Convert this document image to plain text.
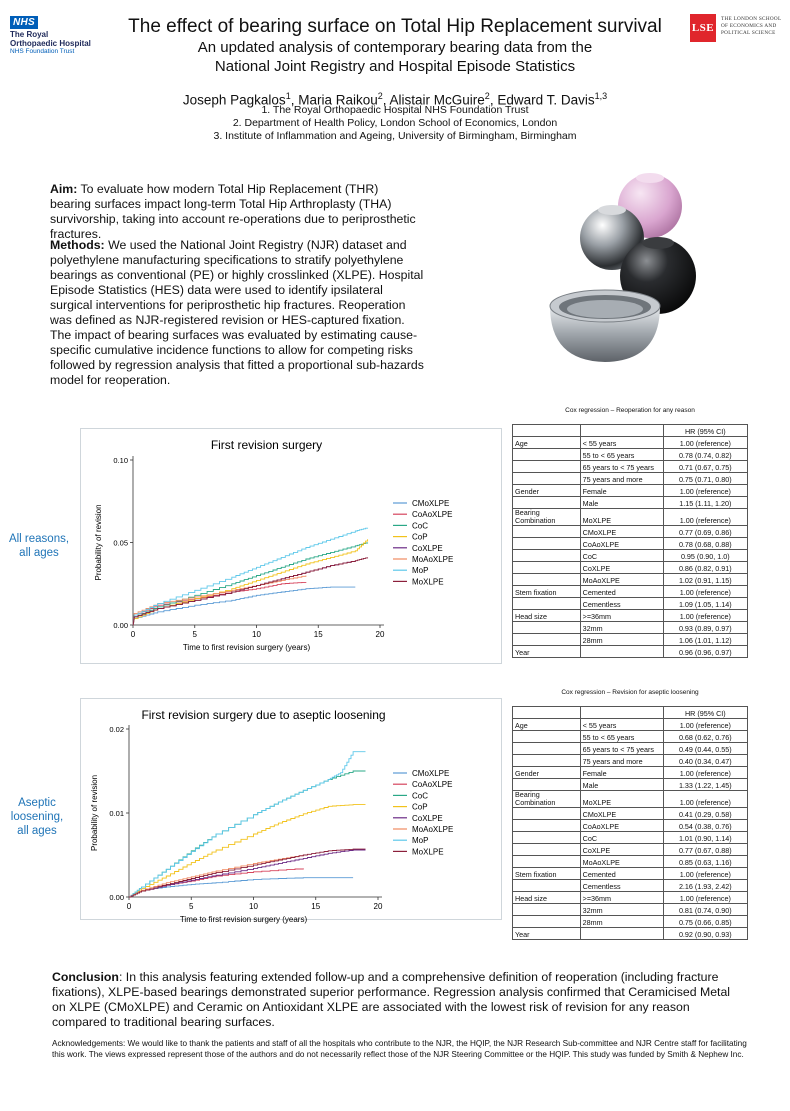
NHS
The Royal
Orthopaedic Hospital
NHS Foundation Trust
LSE
THE LONDON SCHOOL
OF ECONOMICS AND
POLITICAL SCIENCE
The effect of bearing surface on Total Hip Replacement survival
An updated analysis of contemporary bearing data from the
National Joint Registry and Hospital Episode Statistics
Joseph Pagkalos$^1$, Maria Raikou$^2$, Alistair McGuire$^2$, Edward T. Davis$^{1,3}$
1. The Royal Orthopaedic Hospital NHS Foundation Trust
2. Department of Health Policy, London School of Economics, London
3. Institute of Inflammation and Ageing, University of Birmingham, Birmingham
Aim: To evaluate how modern Total Hip Replacement (THR) bearing surfaces impact long-term Total Hip Arthroplasty (THA) survivorship, taking into account re-operations due to periprosthetic fractures.
Methods: We used the National Joint Registry (NJR) dataset and polyethylene manufacturing specifications to stratify polyethylene bearings as conventional (PE) or highly crosslinked (XLPE). Hospital Episode Statistics (HES) data were used to identify ipsilateral surgical interventions for periprosthetic hip fractures. Reoperation was defined as NJR-registered revision or HES-captured fixation. The impact of bearing surfaces was evaluated by estimating cause-specific cumulative incidence functions to allow for competing risks followed by regression analysis that fitted a proportional sub-hazards model for reoperation.
All reasons,
all ages
Aseptic
loosening,
all ages
First revision surgery
0	5	10	15	20
0.00
0.05
0.10
Time to first revision surgery (years)
Probability of revision
CMoXLPE
CoAoXLPE
CoC
CoP
CoXLPE
MoAoXLPE
MoP
MoXLPE
First revision surgery due to aseptic loosening
0	5	10	15	20
0.00
0.01
0.02
Time to first revision surgery (years)
Probability of revision
CMoXLPE
CoAoXLPE
CoC
CoP
CoXLPE
MoAoXLPE
MoP
MoXLPE
Cox regression – Reoperation for any reason
		HR (95% CI)
Age	< 55 years	1.00 (reference)
	55 to < 65 years	0.78 (0.74, 0.82)
	65 years to < 75 years	0.71 (0.67, 0.75)
	75 years and more	0.75 (0.71, 0.80)
Gender	Female	1.00 (reference)
	Male	1.15 (1.11, 1.20)
Bearing Combination	MoXLPE	1.00 (reference)
	CMoXLPE	0.77 (0.69, 0.86)
	CoAoXLPE	0.78 (0.68, 0.88)
	CoC	0.95 (0.90, 1.0)
	CoXLPE	0.86 (0.82, 0.91)
	MoAoXLPE	1.02 (0.91, 1.15)
Stem fixation	Cemented	1.00 (reference)
	Cementless	1.09 (1.05, 1.14)
Head size	>=36mm	1.00 (reference)
	32mm	0.93 (0.89, 0.97)
	28mm	1.06 (1.01, 1.12)
Year		0.96 (0.96, 0.97)
Cox regression – Revision for aseptic loosening
		HR (95% CI)
Age	< 55 years	1.00 (reference)
	55 to < 65 years	0.68 (0.62, 0.76)
	65 years to < 75 years	0.49 (0.44, 0.55)
	75 years and more	0.40 (0.34, 0.47)
Gender	Female	1.00 (reference)
	Male	1.33 (1.22, 1.45)
Bearing Combination	MoXLPE	1.00 (reference)
	CMoXLPE	0.41 (0.29, 0.58)
	CoAoXLPE	0.54 (0.38, 0.76)
	CoC	1.01 (0.90, 1.14)
	CoXLPE	0.77 (0.67, 0.88)
	MoAoXLPE	0.85 (0.63, 1.16)
Stem fixation	Cemented	1.00 (reference)
	Cementless	2.16 (1.93, 2.42)
Head size	>=36mm	1.00 (reference)
	32mm	0.81 (0.74, 0.90)
	28mm	0.75 (0.66, 0.85)
Year		0.92 (0.90, 0.93)
Conclusion: In this analysis featuring extended follow-up and a comprehensive definition of reoperation (including fracture fixations), XLPE-based bearings demonstrated superior performance. Regression analysis confirmed that Ceramicised Metal on XLPE (CMoXLPE) and Ceramic on Antioxidant XLPE are associated with the lowest risk of revision for any reason compared to traditional bearing surfaces.
Acknowledgements: We would like to thank the patients and staff of all the hospitals who contribute to the NJR, the HQIP, the NJR Research Sub-committee and NJR Centre staff for facilitating this work. The views expressed represent those of the authors and do not necessarily reflect those of the NJR Steering Committee or the HQIP. This study was funded by Smith & Nephew Inc.
